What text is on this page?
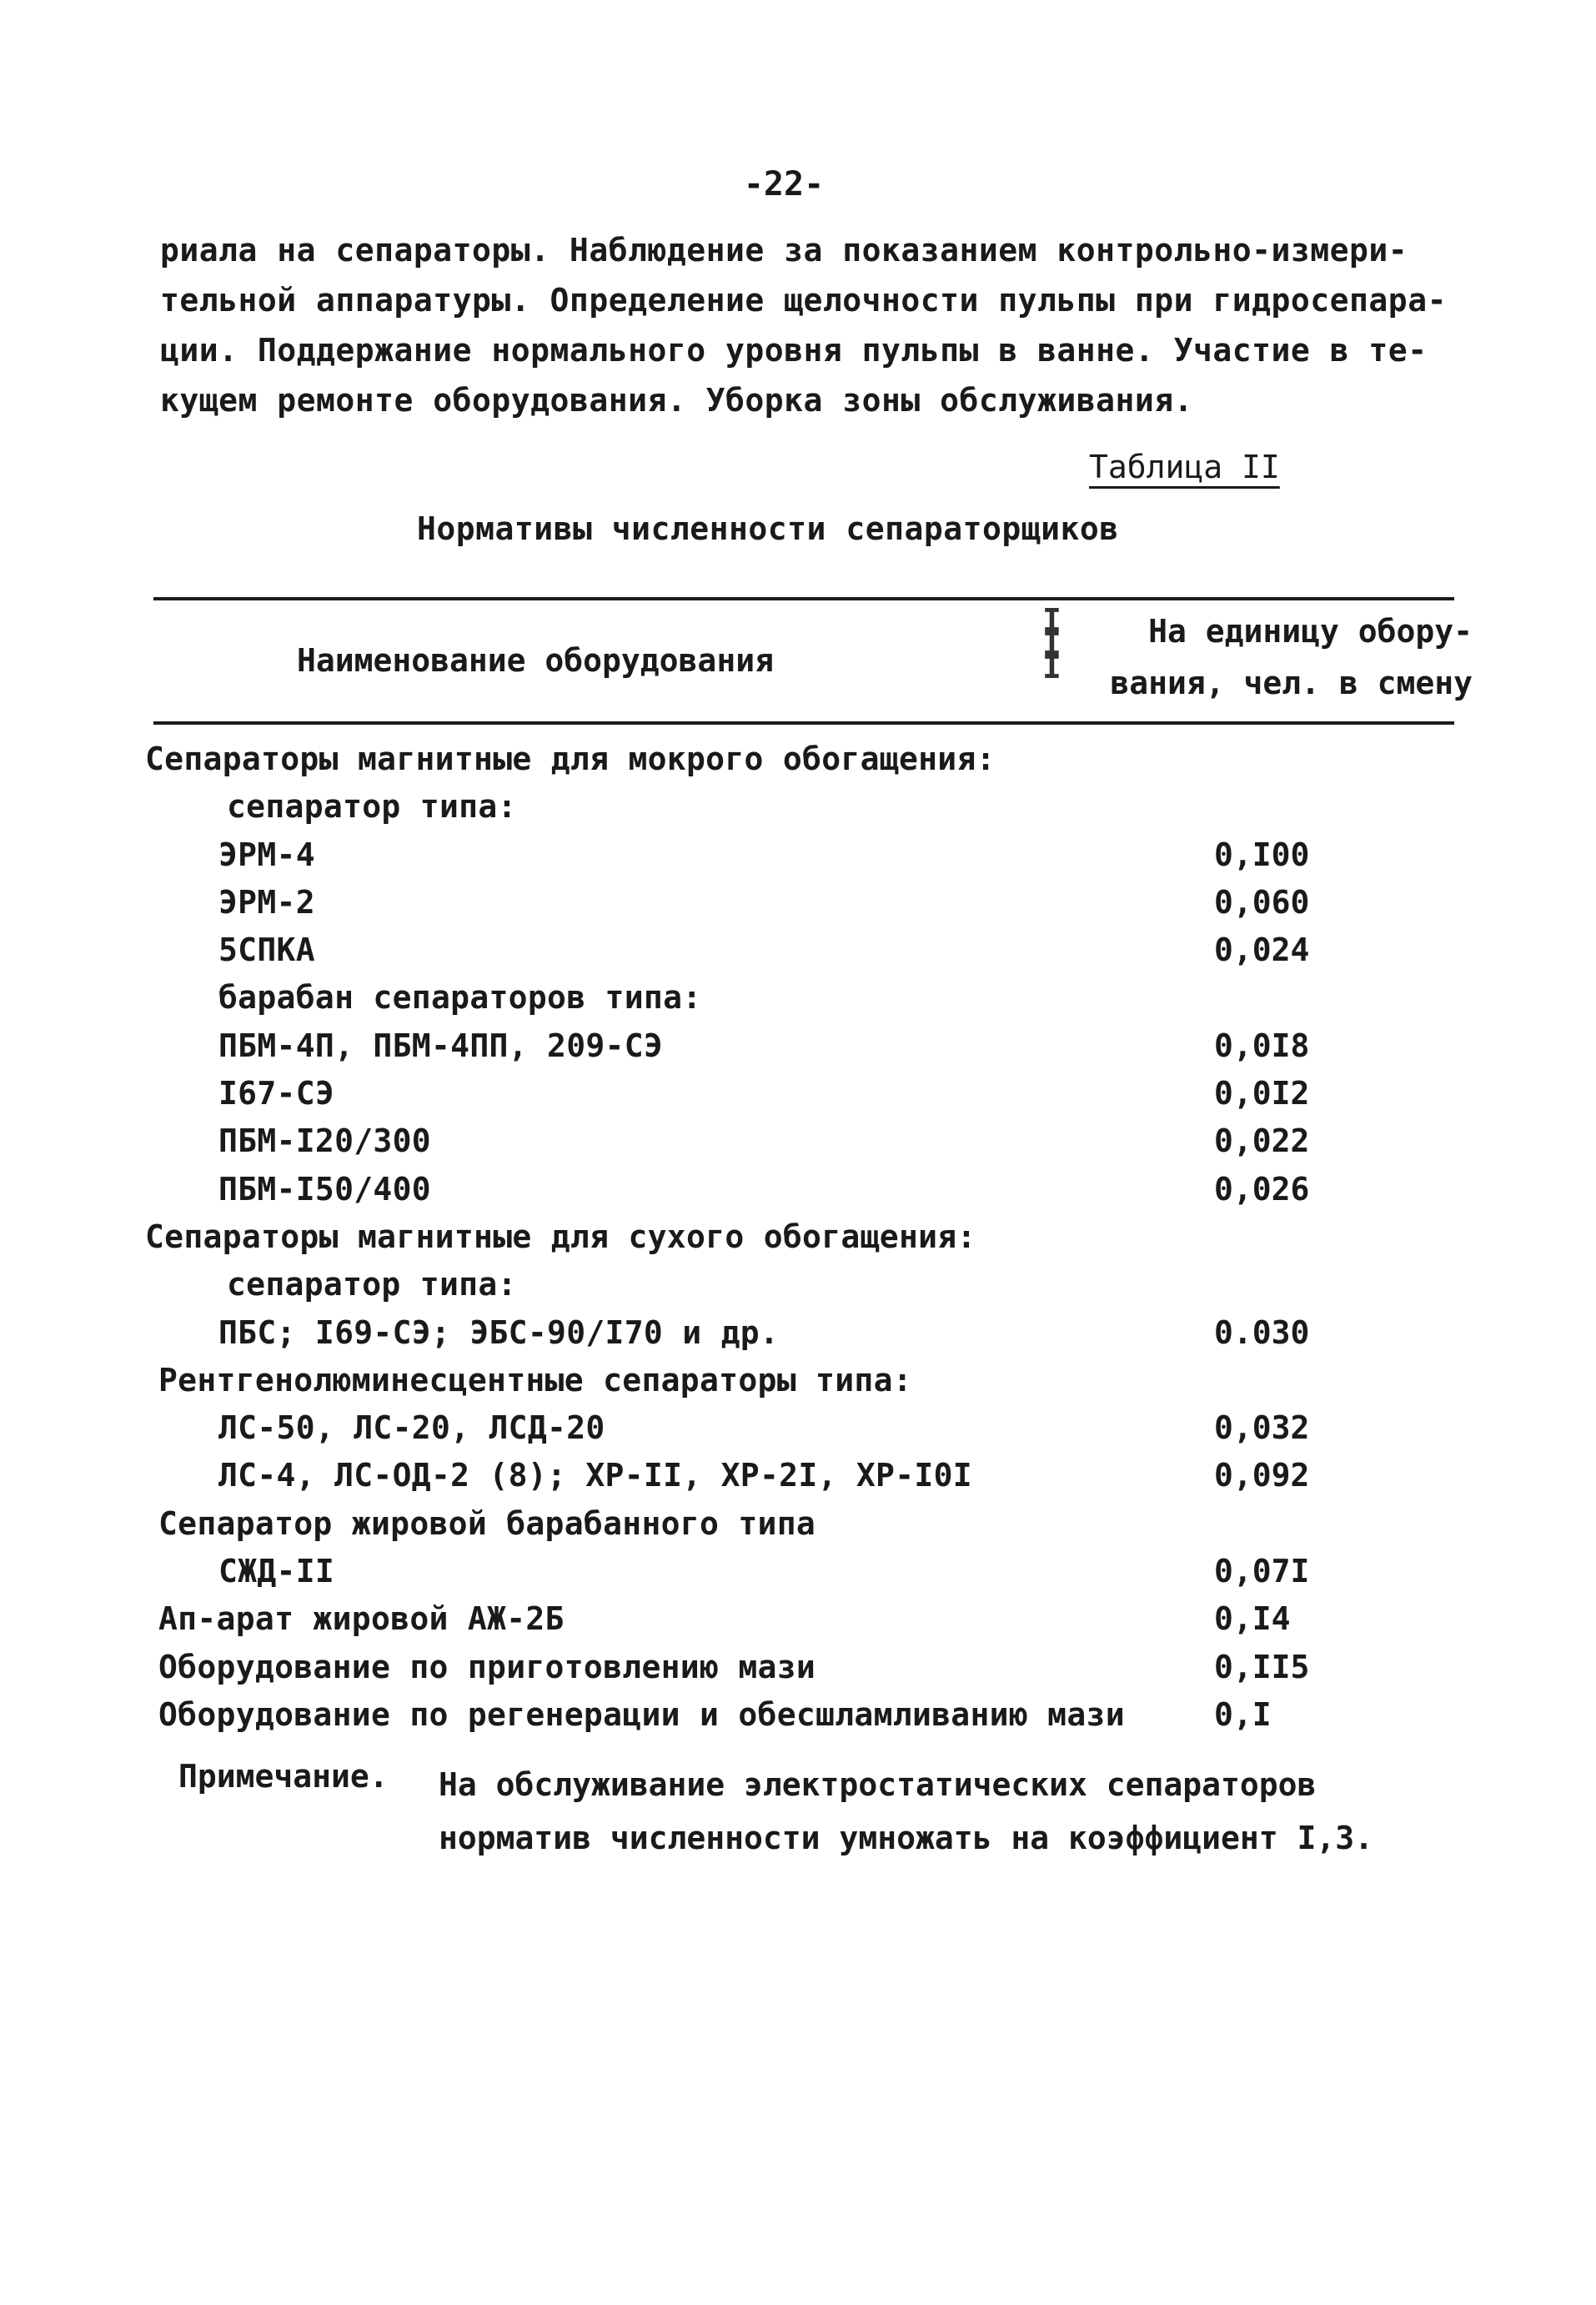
-22-
риала на сепараторы. Наблюдение за показанием контрольно-измери-
тельной аппаратуры. Определение щелочности пульпы при гидросепара-
ции. Поддержание нормального уровня пульпы в ванне. Участие в те-
кущем ремонте оборудования. Уборка зоны обслуживания.
Таблица II
Нормативы численности сепараторщиков
Наименование оборудования
I
I
I
На единицу обору-
вания, чел. в смену
Сепараторы магнитные для мокрого обогащения:
сепаратор типа:
ЭРМ-4	0,I00
ЭРМ-2	0,060
5СПКА	0,024
барабан сепараторов типа:
ПБМ-4П, ПБМ-4ПП, 209-СЭ	0,0I8
I67-СЭ	0,0I2
ПБМ-I20/300	0,022
ПБМ-I50/400	0,026
Сепараторы магнитные для сухого обогащения:
сепаратор типа:
ПБС; I69-СЭ; ЭБС-90/I70 и др.	0.030
Рентгенолюминесцентные сепараторы типа:
ЛС-50, ЛС-20, ЛСД-20	0,032
ЛС-4, ЛС-ОД-2 (8); ХР-II, ХР-2I, ХР-I0I	0,092
Сепаратор жировой барабанного типа
СЖД-II	0,07I
Ап-арат жировой АЖ-2Б	0,I4
Оборудование по приготовлению мази	0,II5
Оборудование по регенерации и обесшламливанию мази	0,I
Примечание. На обслуживание электростатических сепараторов
норматив численности умножать на коэффициент I,3.
